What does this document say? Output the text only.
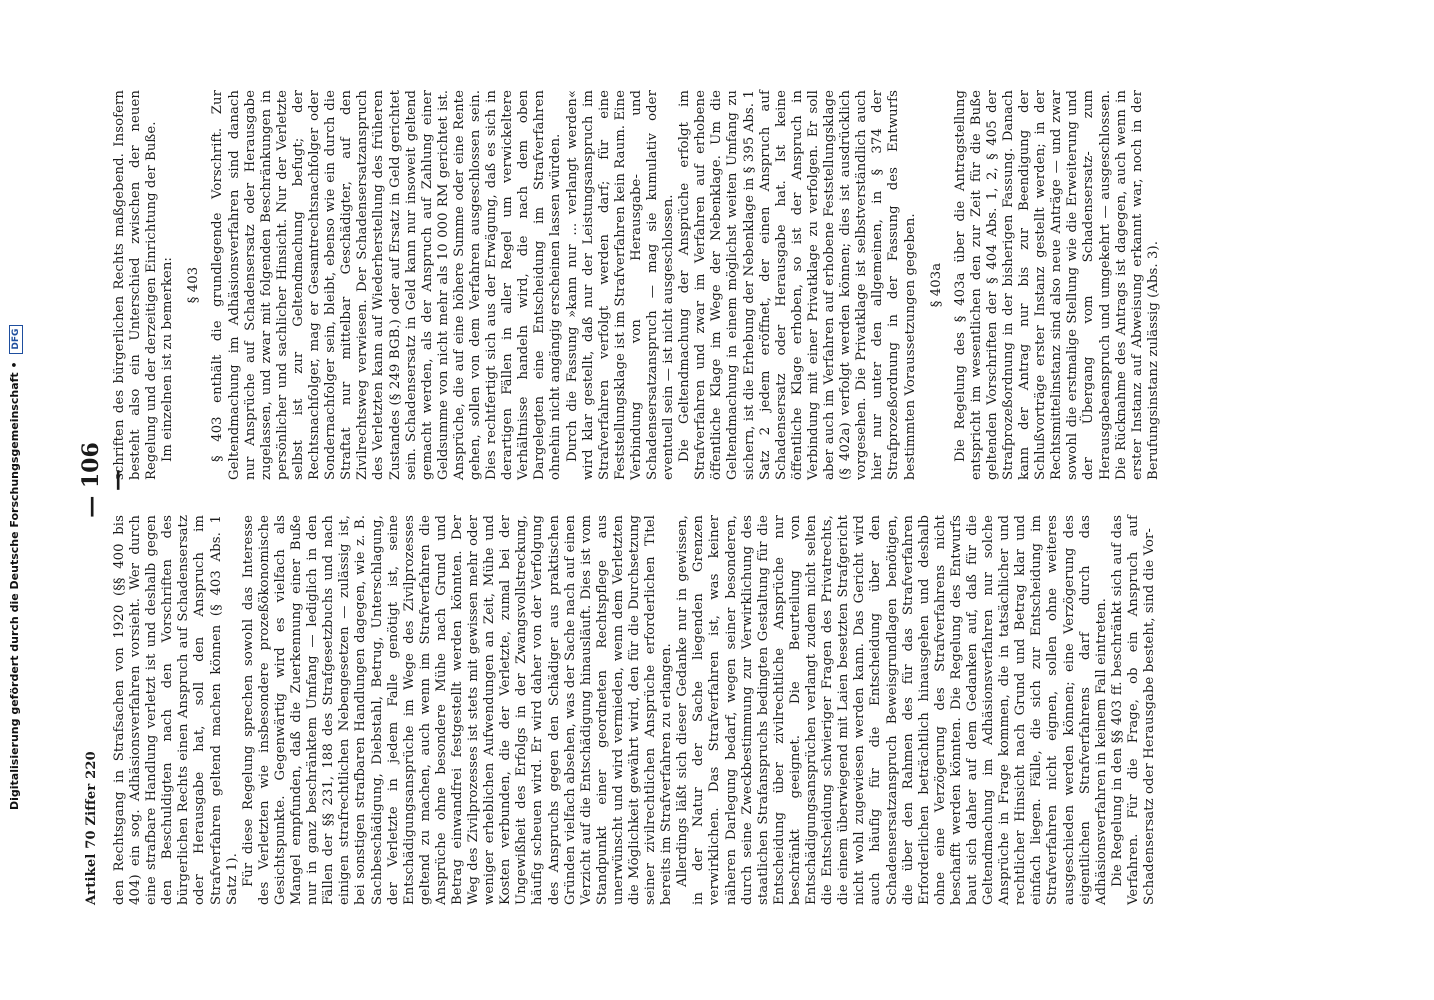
Artikel 70 Ziffer 220
— 106 —

den Rechtsgang in Strafsachen von 1920 (§§ 400 bis 404) ein sog. Adhäsionsverfahren vorsieht. Wer durch eine strafbare Handlung verletzt ist und deshalb gegen den Beschuldigten nach den Vorschriften des bürgerlichen Rechts einen Anspruch auf Schadensersatz oder Herausgabe hat, soll den Anspruch im Strafverfahren geltend machen können (§ 403 Abs. 1 Satz 1). Für diese Regelung sprechen sowohl das Interesse des Verletzten wie insbesondere prozeßökonomische Gesichtspunkte. Gegenwärtig wird es vielfach als Mangel empfunden, daß die Zuerkennung einer Buße nur in ganz beschränktem Umfang — lediglich in den Fällen der §§ 231, 188 des Strafgesetzbuchs und nach einigen strafrechtlichen Nebengesetzen — zulässig ist, bei sonstigen strafbaren Handlungen dagegen, wie z. B. Sachbeschädigung, Diebstahl, Betrug, Unterschlagung, der Verletzte in jedem Falle genötigt ist, seine Entschädigungsansprüche im Wege des Zivilprozesses geltend zu machen, auch wenn im Strafverfahren die Ansprüche ohne besondere Mühe nach Grund und Betrag einwandfrei festgestellt werden könnten. Der Weg des Zivilprozesses ist stets mit gewissen mehr oder weniger erheblichen Aufwendungen an Zeit, Mühe und Kosten verbunden, die der Verletzte, zumal bei der Ungewißheit des Erfolgs in der Zwangsvollstreckung, häufig scheuen wird. Er wird daher von der Verfolgung des Anspruchs gegen den Schädiger aus praktischen Gründen vielfach absehen, was der Sache nach auf einen Verzicht auf die Entschädigung hinausläuft. Dies ist vom Standpunkt einer geordneten Rechtspflege aus unerwünscht und wird vermieden, wenn dem Verletzten die Möglichkeit gewährt wird, den für die Durchsetzung seiner zivilrechtlichen Ansprüche erforderlichen Titel bereits im Strafverfahren zu erlangen. Allerdings läßt sich dieser Gedanke nur in gewissen, in der Natur der Sache liegenden Grenzen verwirklichen. Das Strafverfahren ist, was keiner näheren Darlegung bedarf, wegen seiner besonderen, durch seine Zweckbestimmung zur Verwirklichung des staatlichen Strafanspruchs bedingten Gestaltung für die Entscheidung über zivilrechtliche Ansprüche nur beschränkt geeignet. Die Beurteilung von Entschädigungsansprüchen verlangt zudem nicht selten die Entscheidung schwieriger Fragen des Privatrechts, die einem überwiegend mit Laien besetzten Strafgericht nicht wohl zugewiesen werden kann. Das Gericht wird auch häufig für die Entscheidung über den Schadensersatzanspruch Beweisgrundlagen benötigen, die über den Rahmen des für das Strafverfahren Erforderlichen beträchtlich hinausgehen und deshalb ohne eine Verzögerung des Strafverfahrens nicht beschafft werden könnten. Die Regelung des Entwurfs baut sich daher auf dem Gedanken auf, daß für die Geltendmachung im Adhäsionsverfahren nur solche Ansprüche in Frage kommen, die in tatsächlicher und rechtlicher Hinsicht nach Grund und Betrag klar und einfach liegen. Fälle, die sich zur Entscheidung im Strafverfahren nicht eignen, sollen ohne weiteres ausgeschieden werden können; eine Verzögerung des eigentlichen Strafverfahrens darf durch das Adhäsionsverfahren in keinem Fall eintreten. Die Regelung in den §§ 403 ff. beschränkt sich auf das Verfahren. Für die Frage, ob ein Anspruch auf Schadensersatz oder Herausgabe besteht, sind die Vor-

schriften des bürgerlichen Rechts maßgebend. Insofern besteht also ein Unterschied zwischen der neuen Regelung und der derzeitigen Einrichtung der Buße. Im einzelnen ist zu bemerken: § 403 § 403 enthält die grundlegende Vorschrift. Zur Geltendmachung im Adhäsionsverfahren sind danach nur Ansprüche auf Schadensersatz oder Herausgabe zugelassen, und zwar mit folgenden Beschränkungen in persönlicher und sachlicher Hinsicht. Nur der Verletzte selbst ist zur Geltendmachung befugt; der Rechtsnachfolger, mag er Gesamtrechtsnachfolger oder Sondernachfolger sein, bleibt, ebenso wie ein durch die Straftat nur mittelbar Geschädigter, auf den Zivilrechtsweg verwiesen. Der Schadensersatzanspruch des Verletzten kann auf Wiederherstellung des früheren Zustandes (§ 249 BGB.) oder auf Ersatz in Geld gerichtet sein. Schadensersatz in Geld kann nur insoweit geltend gemacht werden, als der Anspruch auf Zahlung einer Geldsumme von nicht mehr als 10 000 RM gerichtet ist. Ansprüche, die auf eine höhere Summe oder eine Rente gehen, sollen von dem Verfahren ausgeschlossen sein. Dies rechtfertigt sich aus der Erwägung, daß es sich in derartigen Fällen in aller Regel um verwickeltere Verhältnisse handeln wird, die nach dem oben Dargelegten eine Entscheidung im Strafverfahren ohnehin nicht angängig erscheinen lassen würden. Durch die Fassung »kann nur ... verlangt werden« wird klar gestellt, daß nur der Leistungsanspruch im Strafverfahren verfolgt werden darf; für eine Feststellungsklage ist im Strafverfahren kein Raum. Eine Verbindung von Herausgabe- und Schadensersatzanspruch — mag sie kumulativ oder eventuell sein — ist nicht ausgeschlossen. Die Geltendmachung der Ansprüche erfolgt im Strafverfahren und zwar im Verfahren auf erhobene öffentliche Klage im Wege der Nebenklage. Um die Geltendmachung in einem möglichst weiten Umfang zu sichern, ist die Erhebung der Nebenklage in § 395 Abs. 1 Satz 2 jedem eröffnet, der einen Anspruch auf Schadensersatz oder Herausgabe hat. Ist keine öffentliche Klage erhoben, so ist der Anspruch in Verbindung mit einer Privatklage zu verfolgen. Er soll aber auch im Verfahren auf erhobene Feststellungsklage (§ 402a) verfolgt werden können; dies ist ausdrücklich vorgesehen. Die Privatklage ist selbstverständlich auch hier nur unter den allgemeinen, in § 374 der Strafprozeßordnung in der Fassung des Entwurfs bestimmten Voraussetzungen gegeben. § 403a Die Regelung des § 403a über die Antragstellung entspricht im wesentlichen den zur Zeit für die Buße geltenden Vorschriften der § 404 Abs. 1, 2, § 405 der Strafprozeßordnung in der bisherigen Fassung. Danach kann der Antrag nur bis zur Beendigung der Schlußvorträge erster Instanz gestellt werden; in der Rechtsmittelinstanz sind also neue Anträge — und zwar sowohl die erstmalige Stellung wie die Erweiterung und der Übergang vom Schadensersatz- zum Herausgabeanspruch und umgekehrt — ausgeschlossen. Die Rücknahme des Antrags ist dagegen, auch wenn in erster Instanz auf Abweisung erkannt war, noch in der Berufungsinstanz zulässig (Abs. 3).

Digitalisierung gefördert durch die Deutsche Forschungsgemeinschaft • DFG
